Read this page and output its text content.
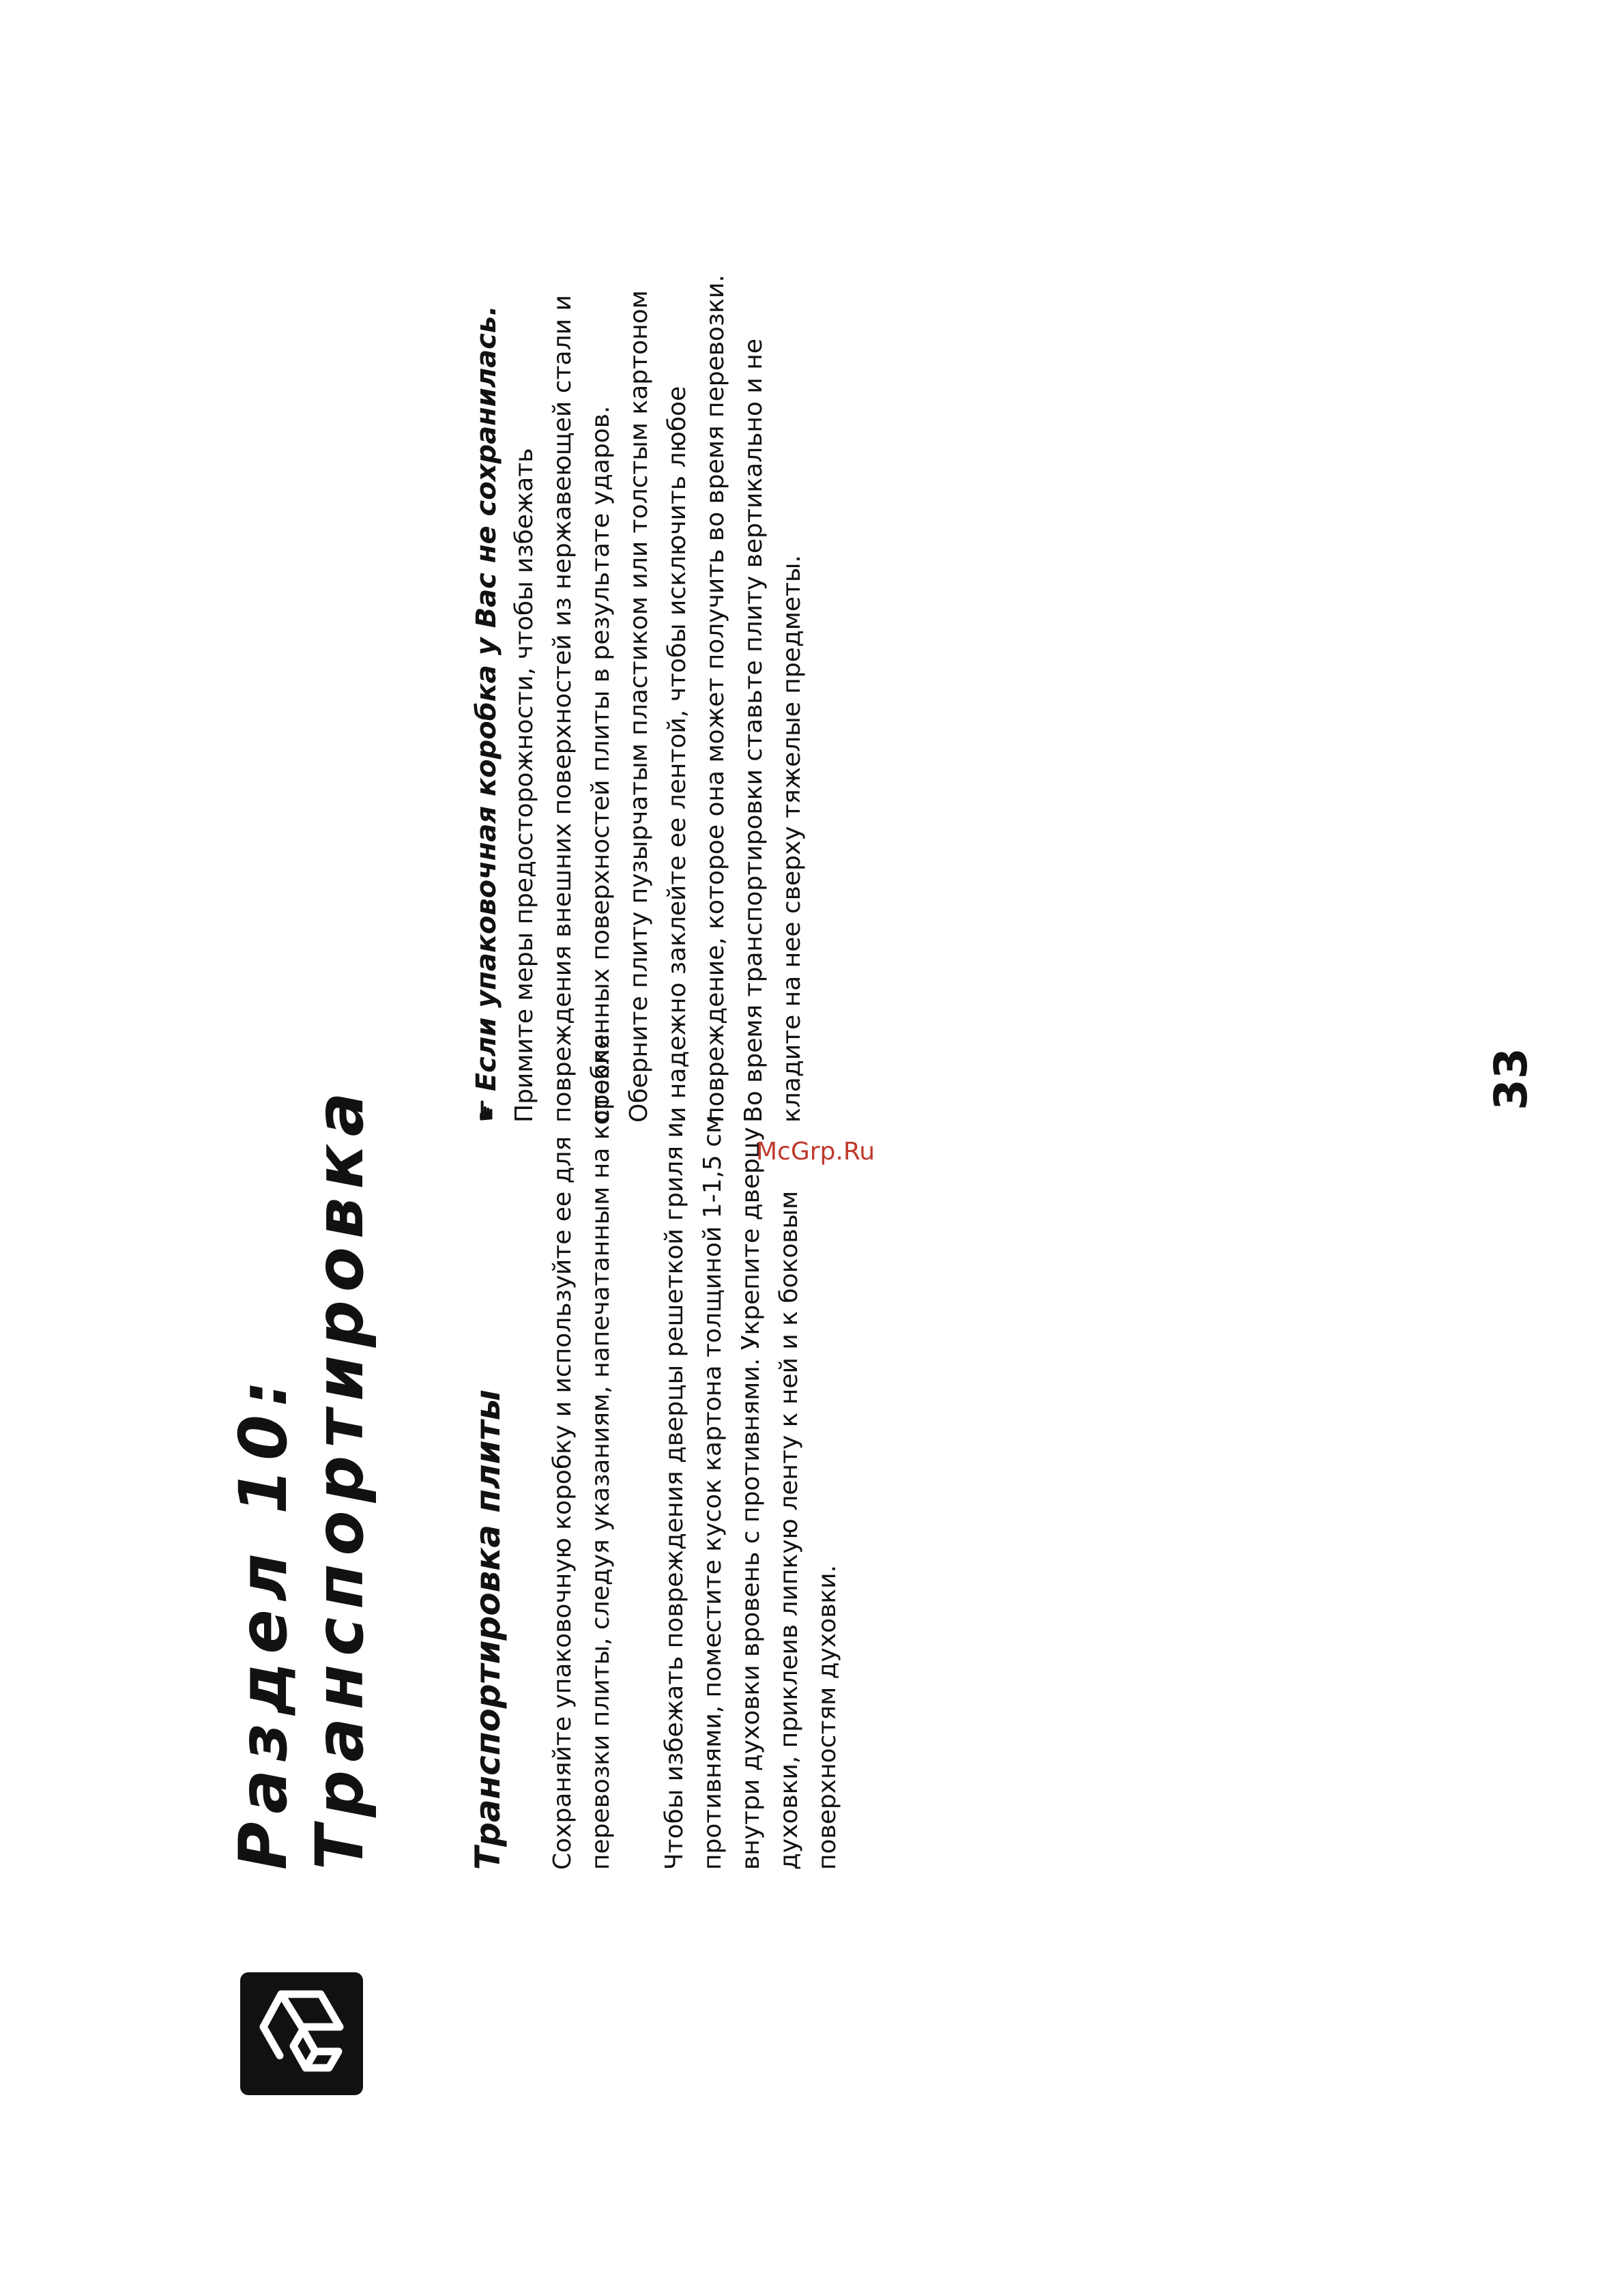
Раздел 10: Транспортировка	Транспортировка плиты Сохраняйте упаковочную коробку и используйте ее для перевозки плиты, следуя указаниям, напечатанным на коробке. Чтобы избежать повреждения дверцы решеткой гриля и противнями, поместите кусок картона толщиной 1-1,5 см внутри духовки вровень с противнями. Укрепите дверцу духовки, приклеив липкую ленту к ней и к боковым поверхностям духовки.

☛Если упаковочная коробка у Вас не сохранилась. Примите меры предосторожности, чтобы избежать повреждения внешних поверхностей из нержавеющей стали и стеклянных поверхностей плиты в результате ударов. Оберните плиту пузырчатым пластиком или толстым картоном и надежно заклейте ее лентой, чтобы исключить любое повреждение, которое она может получить во время перевозки. Во время транспортировки ставьте плиту вертикально и не кладите на нее сверху тяжелые предметы.	33

McGrp.Ru
